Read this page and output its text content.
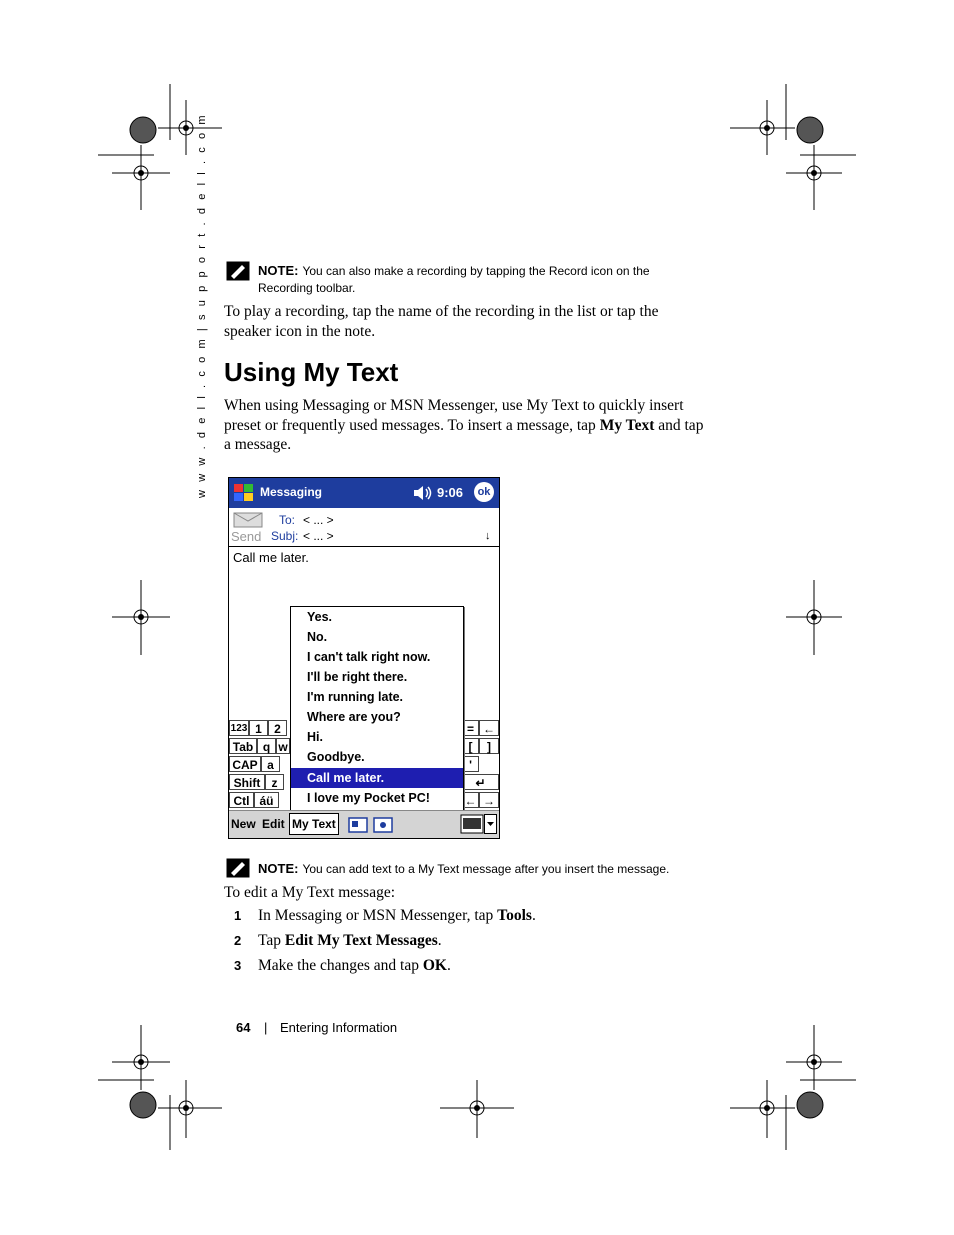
w w w . d e l l . c o m | s u p p o r t . d e l l . c o m	NOTE: You can also make a recording by tapping the Record icon on the
Recording toolbar.
To play a recording, tap the name of the recording in the list or tap the
speaker icon in the note.
Using My Text
When using Messaging or MSN Messenger, use My Text to quickly insert
preset or frequently used messages. To insert a message, tap My Text and tap
a message.
Messaging	9:06	ok
Send
To: < ... >
Subj: < ... >	↓
Call me later.
123 1	2
Tab q w
CAP a
Shift z
Ctl áü
= ←
[	]
'
↵
← →
Yes.
No.
I can't talk right now.
I'll be right there.
I'm running late.
Where are you?
Hi.
Goodbye.
Call me later.
I love my Pocket PC!
New Edit My Text
NOTE: You can add text to a My Text message after you insert the message.
To edit a My Text message:
1 In Messaging or MSN Messenger, tap Tools.
2 Tap Edit My Text Messages.
3 Make the changes and tap OK.
64 | Entering Information
